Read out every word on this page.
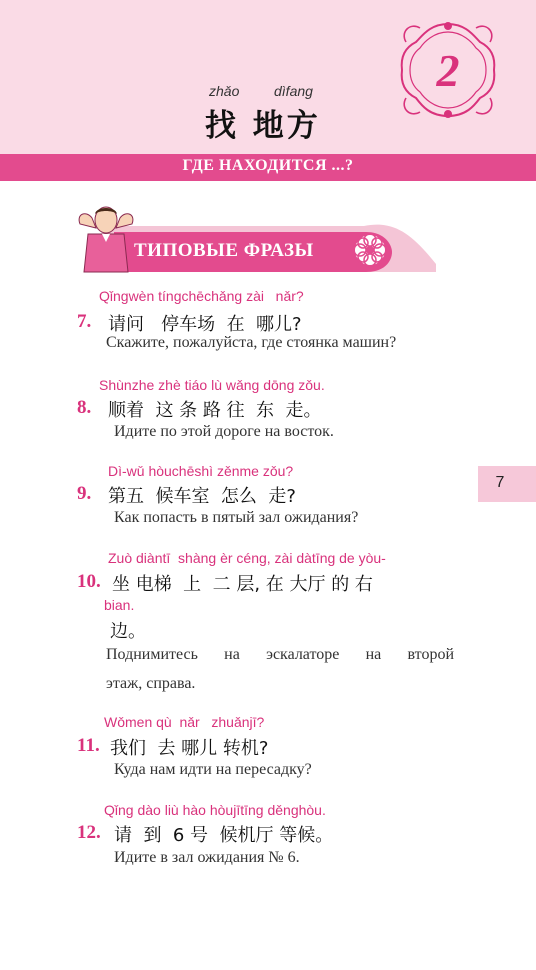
2
zhǎo dìfang
找 地方
ГДЕ НАХОДИТСЯ ...?
ТИПОВЫЕ ФРАЗЫ
7
Qǐngwèn tíngchēchǎng zài   nǎr?
7. 请问   停车场  在  哪儿?
Скажите, пожалуйста, где стоянка машин?
Shùnzhe zhè tiáo lù wǎng dōng zǒu.
8. 顺着  这 条 路 往  东  走。
Идите по этой дороге на восток.
Dì-wǔ hòuchēshì zěnme zǒu?
9. 第五  候车室  怎么  走?
Как попасть в пятый зал ожидания?
Zuò diàntī  shàng èr céng, zài dàtīng de yòu-
10. 坐 电梯  上  二 层, 在 大厅 的 右
bian.
边。
Поднимитесь на эскалаторе на второй
этаж, справа.
Wǒmen qù  nǎr   zhuǎnjī?
11. 我们  去 哪儿 转机?
Куда нам идти на пересадку?
Qǐng dào liù hào hòujītīng děnghòu.
12. 请  到  6 号  候机厅 等候。
Идите в зал ожидания № 6.
